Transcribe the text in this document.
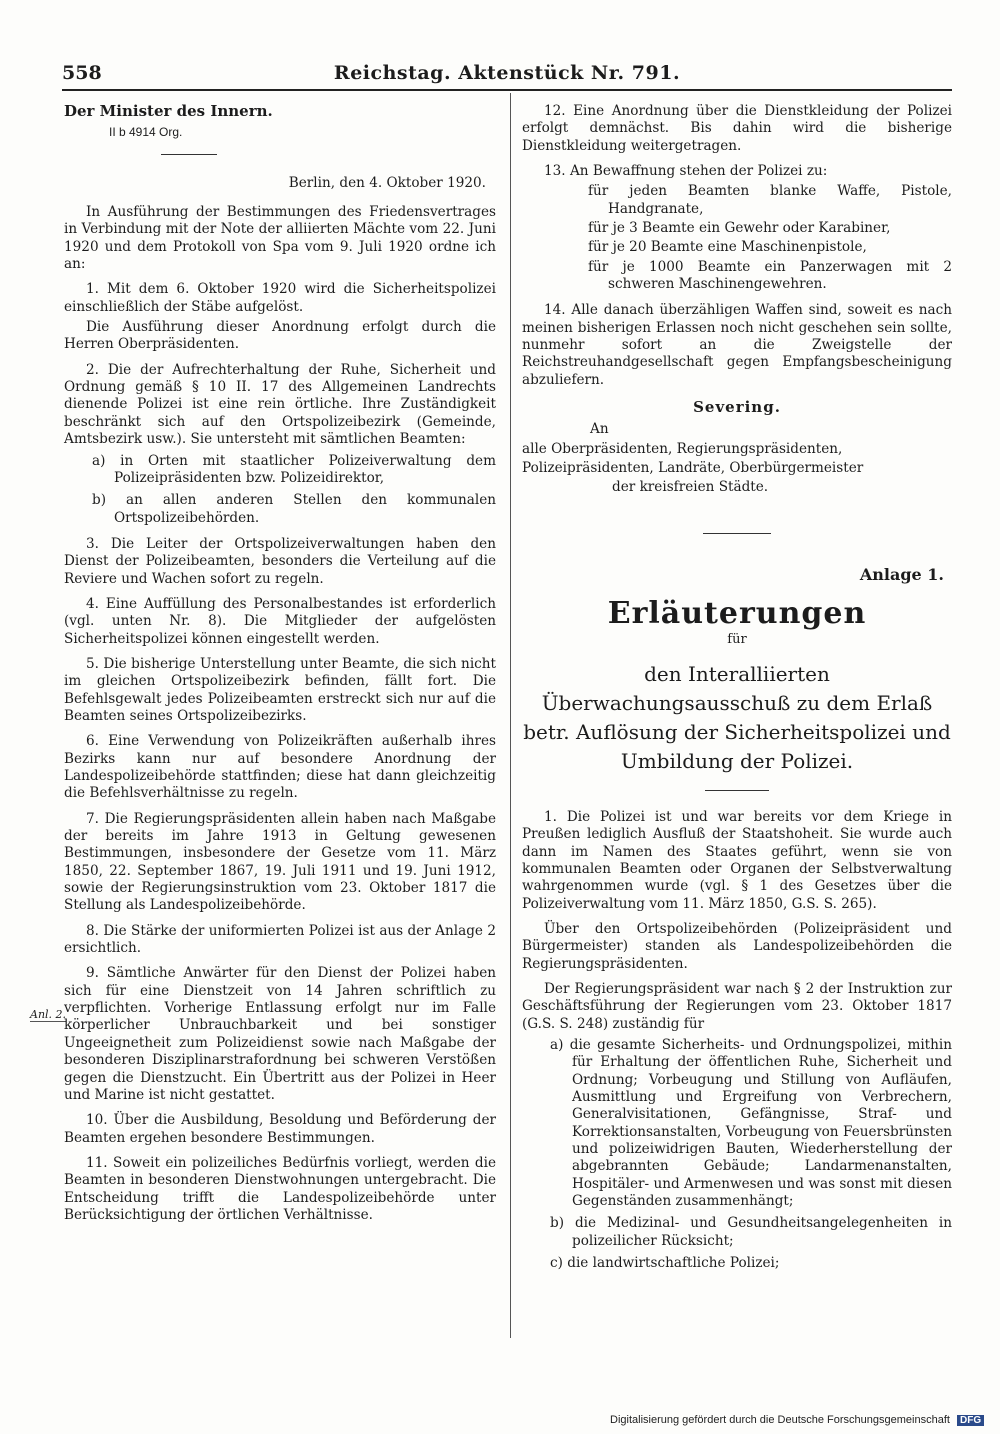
558	Reichstag. Aktenstück Nr. 791.
Anl. 2.
Der Minister des Innern.
II b 4914 Org.
Berlin, den 4. Oktober 1920.

In Ausführung der Bestimmungen des Friedensvertrages in Verbindung mit der Note der alliierten Mächte vom 22. Juni 1920 und dem Protokoll von Spa vom 9. Juli 1920 ordne ich an:

1. Mit dem 6. Oktober 1920 wird die Sicherheitspolizei einschließlich der Stäbe aufgelöst.

Die Ausführung dieser Anordnung erfolgt durch die Herren Oberpräsidenten.

2. Die der Aufrechterhaltung der Ruhe, Sicherheit und Ordnung gemäß § 10 II. 17 des Allgemeinen Landrechts dienende Polizei ist eine rein örtliche. Ihre Zuständigkeit beschränkt sich auf den Ortspolizeibezirk (Gemeinde, Amtsbezirk usw.). Sie untersteht mit sämtlichen Beamten:

a) in Orten mit staatlicher Polizeiverwaltung dem Polizeipräsidenten bzw. Polizeidirektor,
b) an allen anderen Stellen den kommunalen Ortspolizeibehörden.

3. Die Leiter der Ortspolizeiverwaltungen haben den Dienst der Polizeibeamten, besonders die Verteilung auf die Reviere und Wachen sofort zu regeln.

4. Eine Auffüllung des Personalbestandes ist erforderlich (vgl. unten Nr. 8). Die Mitglieder der aufgelösten Sicherheitspolizei können eingestellt werden.

5. Die bisherige Unterstellung unter Beamte, die sich nicht im gleichen Ortspolizeibezirk befinden, fällt fort. Die Befehlsgewalt jedes Polizeibeamten erstreckt sich nur auf die Beamten seines Ortspolizeibezirks.

6. Eine Verwendung von Polizeikräften außerhalb ihres Bezirks kann nur auf besondere Anordnung der Landespolizeibehörde stattfinden; diese hat dann gleichzeitig die Befehlsverhältnisse zu regeln.

7. Die Regierungspräsidenten allein haben nach Maßgabe der bereits im Jahre 1913 in Geltung gewesenen Bestimmungen, insbesondere der Gesetze vom 11. März 1850, 22. September 1867, 19. Juli 1911 und 19. Juni 1912, sowie der Regierungsinstruktion vom 23. Oktober 1817 die Stellung als Landespolizeibehörde.

8. Die Stärke der uniformierten Polizei ist aus der Anlage 2 ersichtlich.

9. Sämtliche Anwärter für den Dienst der Polizei haben sich für eine Dienstzeit von 14 Jahren schriftlich zu verpflichten. Vorherige Entlassung erfolgt nur im Falle körperlicher Unbrauchbarkeit und bei sonstiger Ungeeignetheit zum Polizeidienst sowie nach Maßgabe der besonderen Disziplinarstrafordnung bei schweren Verstößen gegen die Dienstzucht. Ein Übertritt aus der Polizei in Heer und Marine ist nicht gestattet.

10. Über die Ausbildung, Besoldung und Beförderung der Beamten ergehen besondere Bestimmungen.

11. Soweit ein polizeiliches Bedürfnis vorliegt, werden die Beamten in besonderen Dienstwohnungen untergebracht. Die Entscheidung trifft die Landespolizeibehörde unter Berücksichtigung der örtlichen Verhältnisse.

12. Eine Anordnung über die Dienstkleidung der Polizei erfolgt demnächst. Bis dahin wird die bisherige Dienstkleidung weitergetragen.

13. An Bewaffnung stehen der Polizei zu:

für jeden Beamten blanke Waffe, Pistole, Handgranate,
für je 3 Beamte ein Gewehr oder Karabiner,
für je 20 Beamte eine Maschinenpistole,
für je 1000 Beamte ein Panzerwagen mit 2 schweren Maschinengewehren.

14. Alle danach überzähligen Waffen sind, soweit es nach meinen bisherigen Erlassen noch nicht geschehen sein sollte, nunmehr sofort an die Zweigstelle der Reichstreuhandgesellschaft gegen Empfangsbescheinigung abzuliefern.

Severing.
An
alle Oberpräsidenten, Regierungspräsidenten,
Polizeipräsidenten, Landräte, Oberbürgermeister
der kreisfreien Städte.
Anlage 1.
Erläuterungen
für
den Interalliierten Überwachungsausschuß zu dem Erlaß betr. Auflösung der Sicherheitspolizei und Umbildung der Polizei.

1. Die Polizei ist und war bereits vor dem Kriege in Preußen lediglich Ausfluß der Staatshoheit. Sie wurde auch dann im Namen des Staates geführt, wenn sie von kommunalen Beamten oder Organen der Selbstverwaltung wahrgenommen wurde (vgl. § 1 des Gesetzes über die Polizeiverwaltung vom 11. März 1850, G.S. S. 265).

Über den Ortspolizeibehörden (Polizeipräsident und Bürgermeister) standen als Landespolizeibehörden die Regierungspräsidenten.

Der Regierungspräsident war nach § 2 der Instruktion zur Geschäftsführung der Regierungen vom 23. Oktober 1817 (G.S. S. 248) zuständig für

a) die gesamte Sicherheits- und Ordnungspolizei, mithin für Erhaltung der öffentlichen Ruhe, Sicherheit und Ordnung; Vorbeugung und Stillung von Aufläufen, Ausmittlung und Ergreifung von Verbrechern, Generalvisitationen, Gefängnisse, Straf- und Korrektionsanstalten, Vorbeugung von Feuersbrünsten und polizeiwidrigen Bauten, Wiederherstellung der abgebrannten Gebäude; Landarmenanstalten, Hospitäler- und Armenwesen und was sonst mit diesen Gegenständen zusammenhängt;
b) die Medizinal- und Gesundheitsangelegenheiten in polizeilicher Rücksicht;
c) die landwirtschaftliche Polizei;
Digitalisierung gefördert durch die Deutsche Forschungsgemeinschaft DFG
